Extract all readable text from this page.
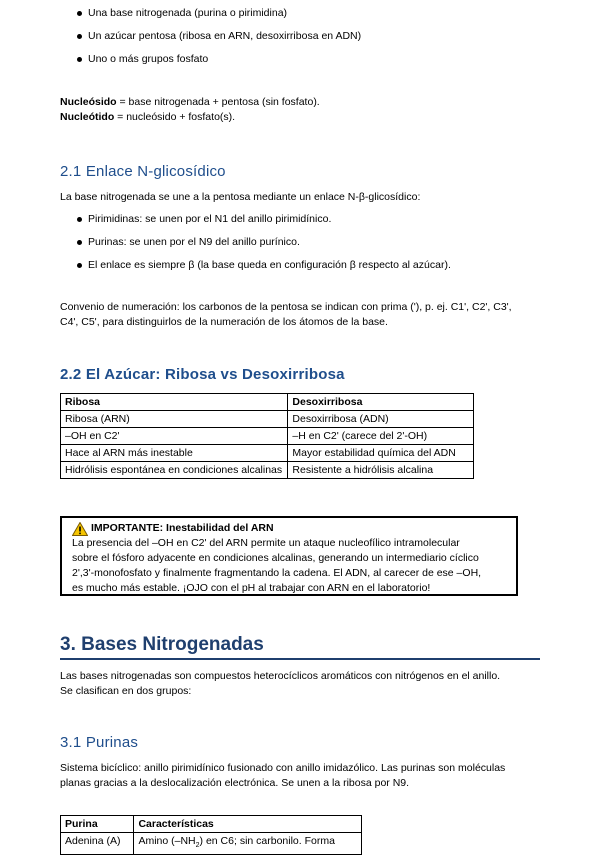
Una base nitrogenada (purina o pirimidina)
Un azúcar pentosa (ribosa en ARN, desoxirribosa en ADN)
Uno o más grupos fosfato
Nucleósido = base nitrogenada + pentosa (sin fosfato).
Nucleótido = nucleósido + fosfato(s).
2.1 Enlace N-glicosídico
La base nitrogenada se une a la pentosa mediante un enlace N-β-glicosídico:
Pirimidinas: se unen por el N1 del anillo pirimidínico.
Purinas: se unen por el N9 del anillo purínico.
El enlace es siempre β (la base queda en configuración β respecto al azúcar).
Convenio de numeración: los carbonos de la pentosa se indican con prima ('), p. ej. C1', C2', C3',
C4', C5', para distinguirlos de la numeración de los átomos de la base.
2.2 El Azúcar: Ribosa vs Desoxirribosa
Ribosa	Desoxirribosa
Ribosa (ARN)	Desoxirribosa (ADN)
–OH en C2'	–H en C2' (carece del 2'-OH)
Hace al ARN más inestable	Mayor estabilidad química del ADN
Hidrólisis espontánea en condiciones alcalinas	Resistente a hidrólisis alcalina
IMPORTANTE: Inestabilidad del ARN
La presencia del –OH en C2' del ARN permite un ataque nucleofílico intramolecular
sobre el fósforo adyacente en condiciones alcalinas, generando un intermediario cíclico
2',3'-monofosfato y finalmente fragmentando la cadena. El ADN, al carecer de ese –OH,
es mucho más estable. ¡OJO con el pH al trabajar con ARN en el laboratorio!
3. Bases Nitrogenadas
Las bases nitrogenadas son compuestos heterocíclicos aromáticos con nitrógenos en el anillo.
Se clasifican en dos grupos:
3.1 Purinas
Sistema bicíclico: anillo pirimidínico fusionado con anillo imidazólico. Las purinas son moléculas
planas gracias a la deslocalización electrónica. Se unen a la ribosa por N9.
Purina	Características
Adenina (A)	Amino $(-NH_2)$ en C6; sin carbonilo. Forma
